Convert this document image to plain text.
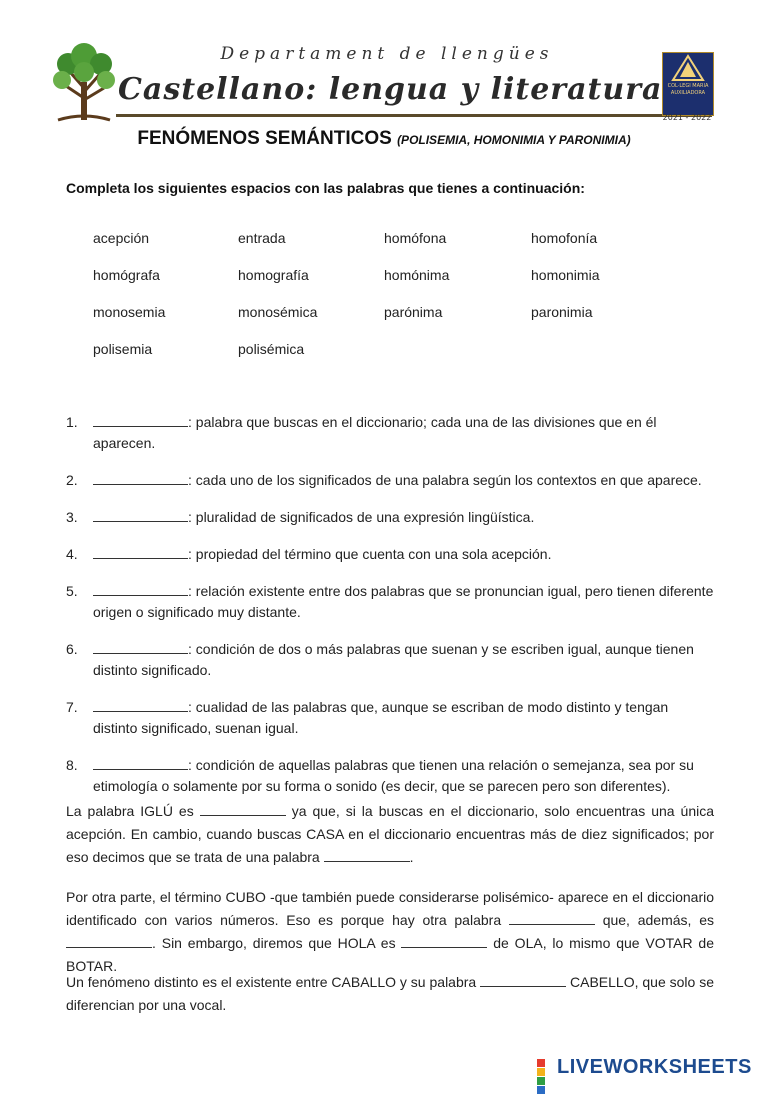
Departament de llengües
Castellano: lengua y literatura	COL·LEGI MARIA AUXILIADORA
2021 - 2022
FENÓMENOS SEMÁNTICOS (POLISEMIA, HOMONIMIA Y PARONIMIA)
Completa los siguientes espacios con las palabras que tienes a continuación:
acepción	entrada	homófona	homofonía
homógrafa	homografía	homónima	homonimia
monosemia	monosémica	parónima	paronimia
polisemia	polisémica
1.	: palabra que buscas en el diccionario; cada una de las divisiones que en él aparecen.
2.	: cada uno de los significados de una palabra según los contextos en que aparece.
3.	: pluralidad de significados de una expresión lingüística.
4.	: propiedad del término que cuenta con una sola acepción.
5.	: relación existente entre dos palabras que se pronuncian igual, pero tienen diferente origen o significado muy distante.
6.	: condición de dos o más palabras que suenan y se escriben igual, aunque tienen distinto significado.
7.	: cualidad de las palabras que, aunque se escriban de modo distinto y tengan distinto significado, suenan igual.
8.	: condición de aquellas palabras que tienen una relación o semejanza, sea por su etimología o solamente por su forma o sonido (es decir, que se parecen pero son diferentes).
La palabra IGLÚ es	ya que, si la buscas en el diccionario, solo encuentras una única acepción. En cambio, cuando buscas CASA en el diccionario encuentras más de diez significados; por eso decimos que se trata de una palabra	.
Por otra parte, el término CUBO -que también puede considerarse polisémico- aparece en el diccionario identificado con varios números. Eso es porque hay otra palabra	que, además, es . Sin embargo, diremos que HOLA es	de OLA, lo mismo que VOTAR de BOTAR.
Un fenómeno distinto es el existente entre CABALLO y su palabra	CABELLO, que solo se diferencian por una vocal.
LIVEWORKSHEETS
